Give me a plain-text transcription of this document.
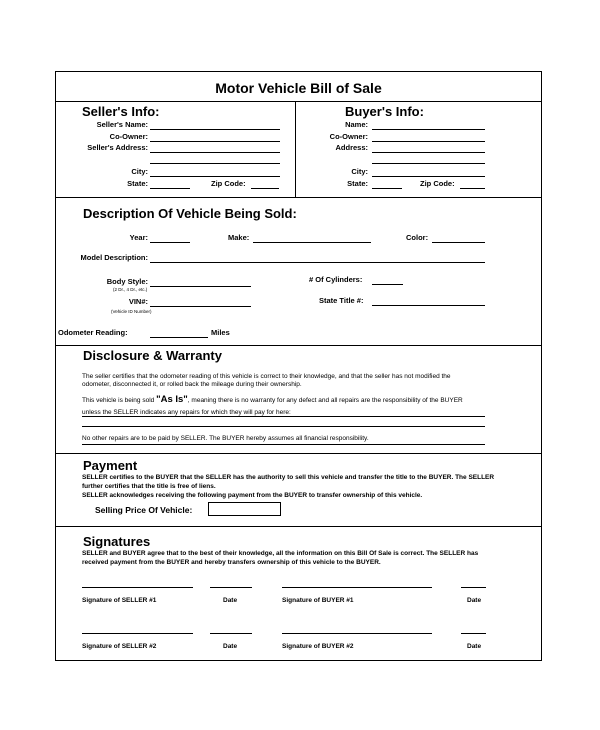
Motor Vehicle Bill of Sale
Seller's Info:
Seller's Name:
Co-Owner:
Seller's Address:
City:
State:	Zip Code:
Buyer's Info:
Name:
Co-Owner:
Address:
City:
State:	Zip Code:
Description Of Vehicle Being Sold:
Year:	Make:	Color:
Model Description:
Body Style:
(2 Dr., 4 Dr., etc.)
# Of Cylinders:
VIN#:
(Vehicle ID Number)
State Title #:
Odometer Reading:	Miles
Disclosure & Warranty
The seller certifies that the odometer reading of this vehicle is correct to their knowledge, and that the seller has not modified the
odometer, disconnected it, or rolled back the mileage during their ownership.
This vehicle is being sold "As Is", meaning there is no warranty for any defect and all repairs are the responsibility of the BUYER
unless the SELLER indicates any repairs for which they will pay for here:
No other repairs are to be paid by SELLER. The BUYER hereby assumes all financial responsibility.
Payment
SELLER certifies to the BUYER that the SELLER has the authority to sell this vehicle and transfer the title to the BUYER. The SELLER
further certifies that the title is free of liens.
SELLER acknowledges receiving the following payment from the BUYER to transfer ownership of this vehicle.
Selling Price Of Vehicle:
Signatures
SELLER and BUYER agree that to the best of their knowledge, all the information on this Bill Of Sale is correct. The SELLER has
received payment from the BUYER and hereby transfers ownership of this vehicle to the BUYER.
Signature of SELLER #1	Date	Signature of BUYER #1	Date
Signature of SELLER #2	Date	Signature of BUYER #2	Date
